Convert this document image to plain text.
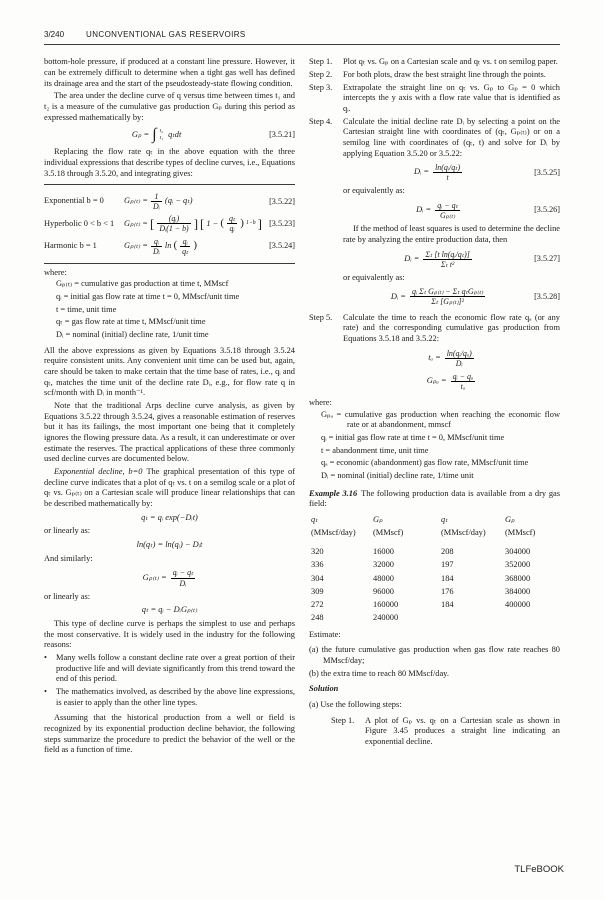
3/240	UNCONVENTIONAL GAS RESERVOIRS

bottom-hole pressure, if produced at a constant line pressure. However, it can be extremely difficult to determine when a tight gas well has defined its drainage area and the start of the pseudosteady-state flowing condition.

The area under the decline curve of q versus time between times t₁ and t₂ is a measure of the cumulative gas production Gₚ during this period as expressed mathematically by:

Gₚ = ∫ t₂
t₁ qₜdt	[3.5.21]

Replacing the flow rate qₜ in the above equation with the three individual expressions that describe types of decline curves, i.e., Equations 3.5.18 through 3.5.20, and integrating gives:

Exponential b = 0	$G_{p(t)} = \frac{1}{\text{Dᵢ}}$ (qᵢ − qₜ)	[3.5.22]
Hyperbolic 0 < b < 1	Gₚ₍ₜ₎ = [ $\frac{\text{(qᵢ)}}{\text{Dᵢ(1 − b)}}$ ] [ 1 − ( $\frac{\text{qₜ}}{\text{qᵢ}}$ ) 1−b ] [3.5.23]
Harmonic b = 1	$G_{p(t)} = \frac{\text{qᵢ}}{\text{Dᵢ}}$ ln ( $\frac{\text{qᵢ}}{\text{qₜ}}$ )	[3.5.24]

where:

Gₚ₍ₜ₎ = cumulative gas production at time t, MMscf

qᵢ = initial gas flow rate at time t = 0, MMscf/unit time

t = time, unit time

qₜ = gas flow rate at time t, MMscf/unit time

Dᵢ = nominal (initial) decline rate, 1/unit time

All the above expressions as given by Equations 3.5.18 through 3.5.24 require consistent units. Any convenient unit time can be used but, again, care should be taken to make certain that the time base of rates, i.e., qᵢ and qₜ, matches the time unit of the decline rate Dᵢ, e.g., for flow rate q in scf/month with Dᵢ in month⁻¹.

Note that the traditional Arps decline curve analysis, as given by Equations 3.5.22 through 3.5.24, gives a reasonable estimation of reserves but it has its failings, the most important one being that it completely ignores the flowing pressure data. As a result, it can underestimate or over estimate the reserves. The practical applications of these three commonly used decline curves are documented below.

Exponential decline, b=0 The graphical presentation of this type of decline curve indicates that a plot of qₜ vs. t on a semilog scale or a plot of qₜ vs. Gₚ₍ₜ₎ on a Cartesian scale will produce linear relationships that can be described mathematically by:

qₜ = qᵢ exp(−Dᵢt)

or linearly as:

ln(qₜ) = ln(qᵢ) − Dᵢt

And similarly:

$G_{p(t)} = \frac{\text{qᵢ − qₜ}}{\text{Dᵢ}}$

or linearly as:

qₜ = qᵢ − DᵢGₚ₍ₜ₎

This type of decline curve is perhaps the simplest to use and perhaps the most conservative. It is widely used in the industry for the following reasons:

•	Many wells follow a constant decline rate over a great portion of their productive life and will deviate significantly from this trend toward the end of this period.
•	The mathematics involved, as described by the above line expressions, is easier to apply than the other line types.

Assuming that the historical production from a well or field is recognized by its exponential production decline behavior, the following steps summarize the procedure to predict the behavior of the well or the field as a function of time.

Step 1.	Plot qₜ vs. Gₚ on a Cartesian scale and qₜ vs. t on semilog paper.
Step 2.	For both plots, draw the best straight line through the points.
Step 3.	Extrapolate the straight line on qₜ vs. Gₚ to Gₚ = 0 which intercepts the y axis with a flow rate value that is identified as qᵢ.
Step 4.	Calculate the initial decline rate Dᵢ by selecting a point on the Cartesian straight line with coordinates of (qₜ, Gₚ₍ₜ₎) or on a semilog line with coordinates of (qₜ, t) and solve for Dᵢ by applying Equation 3.5.20 or 3.5.22:

Dᵢ = $\frac{\text{ln(qᵢ/qₜ)}}{t}$	[3.5.25]

or equivalently as:

Dᵢ = $\frac{\text{qᵢ − qₜ}}{\text{Gₚ₍ₜ₎}}$	[3.5.26]

If the method of least squares is used to determine the decline rate by analyzing the entire production data, then

Dᵢ = $\frac{\text{Σₜ [t ln(qᵢ/qₜ)]}}{\text{Σₜ t²}}$	[3.5.27]

or equivalently as:

Dᵢ = $\frac{\text{qᵢ Σₜ Gₚ₍ₜ₎ − Σₜ qₜGₚ₍ₜ₎}}{\text{Σₜ [Gₚ₍ₜ₎]²}}$	[3.5.28]
Step 5.	Calculate the time to reach the economic flow rate qₐ (or any rate) and the corresponding cumulative gas production from Equations 3.5.18 and 3.5.22:

$t_a = \frac{\text{ln(qᵢ/qₐ)}}{\text{Dᵢ}}$
$G_{pa} = \frac{\text{qᵢ − qₐ}}{\text{tₐ}}$

where:

Gₚₐ = cumulative gas production when reaching the economic flow rate or at abandonment, mmscf

qᵢ = initial gas flow rate at time t = 0, MMscf/unit time

t = abandonment time, unit time

qₐ = economic (abandonment) gas flow rate, MMscf/unit time

Dᵢ = nominal (initial) decline rate, 1/time unit

Example 3.16 The following production data is available from a dry gas field:

qₜ	Gₚ	qₜ	Gₚ
(MMscf/day)	(MMscf)	(MMscf/day)	(MMscf)
320	16000	208	304000
336	32000	197	352000
304	48000	184	368000
309	96000	176	384000
272	160000	184	400000
248	240000

Estimate:

(a) the future cumulative gas production when gas flow rate reaches 80 MMscf/day;

(b) the extra time to reach 80 MMscf/day.

Solution

(a) Use the following steps:

Step 1.	A plot of Gₚ vs. qₜ on a Cartesian scale as shown in Figure 3.45 produces a straight line indicating an exponential decline.
TLFeBOOK
